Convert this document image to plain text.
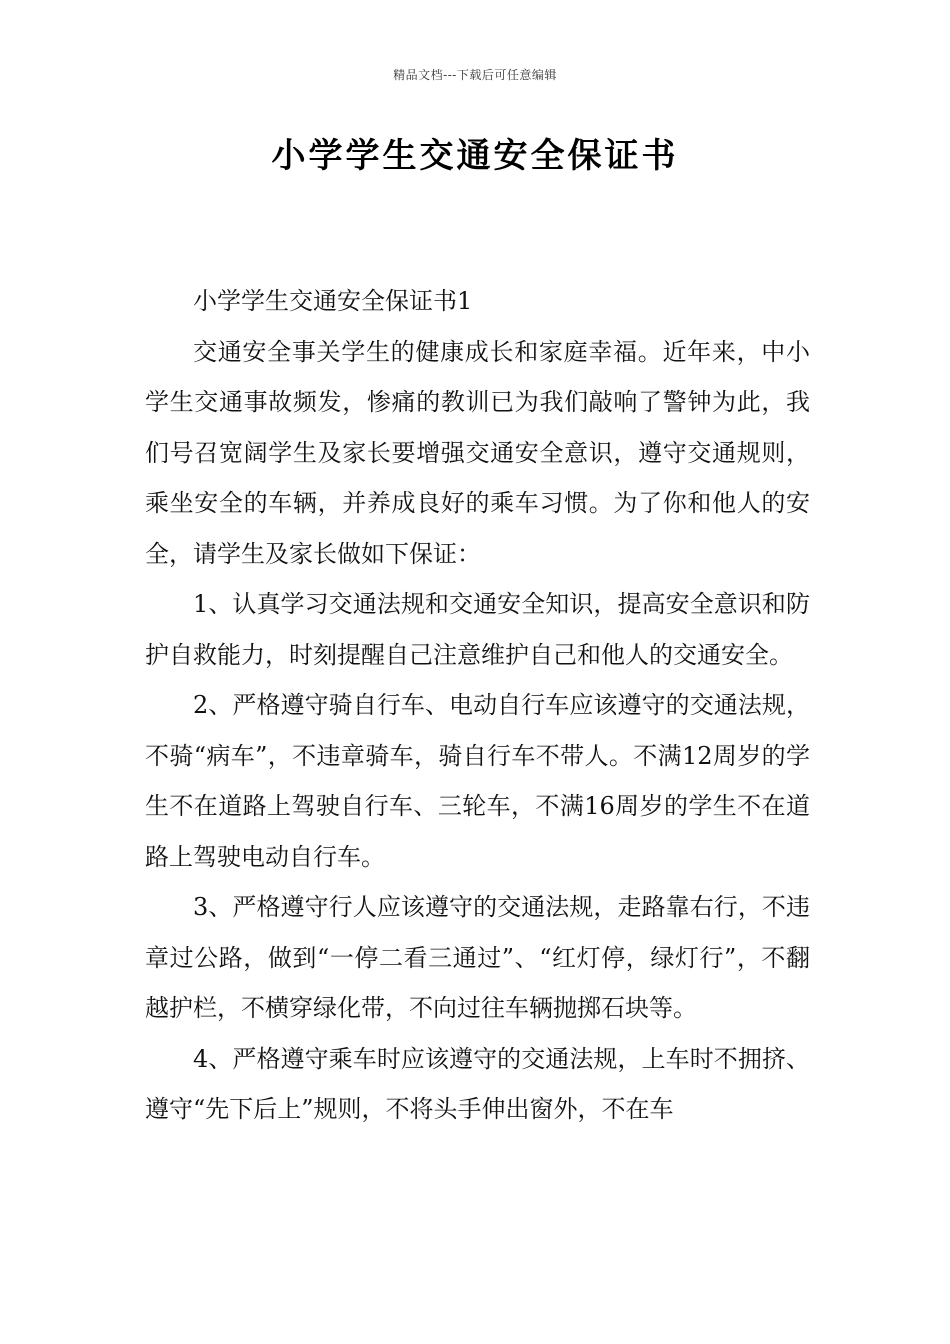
精品文档---下载后可任意编辑
小学学生交通安全保证书

小学学生交通安全保证书1

交通安全事关学生的健康成长和家庭幸福。近年来，中小学生交通事故频发，惨痛的教训已为我们敲响了警钟为此，我们号召宽阔学生及家长要增强交通安全意识，遵守交通规则，乘坐安全的车辆，并养成良好的乘车习惯。为了你和他人的安全，请学生及家长做如下保证：

1、认真学习交通法规和交通安全知识，提高安全意识和防护自救能力，时刻提醒自己注意维护自己和他人的交通安全。

2、严格遵守骑自行车、电动自行车应该遵守的交通法规，不骑“病车”，不违章骑车，骑自行车不带人。不满12周岁的学生不在道路上驾驶自行车、三轮车，不满16周岁的学生不在道路上驾驶电动自行车。

3、严格遵守行人应该遵守的交通法规，走路靠右行，不违章过公路，做到“一停二看三通过”、“红灯停，绿灯行”，不翻越护栏，不横穿绿化带，不向过往车辆抛掷石块等。

4、严格遵守乘车时应该遵守的交通法规，上车时不拥挤、遵守“先下后上”规则，不将头手伸出窗外，不在车
